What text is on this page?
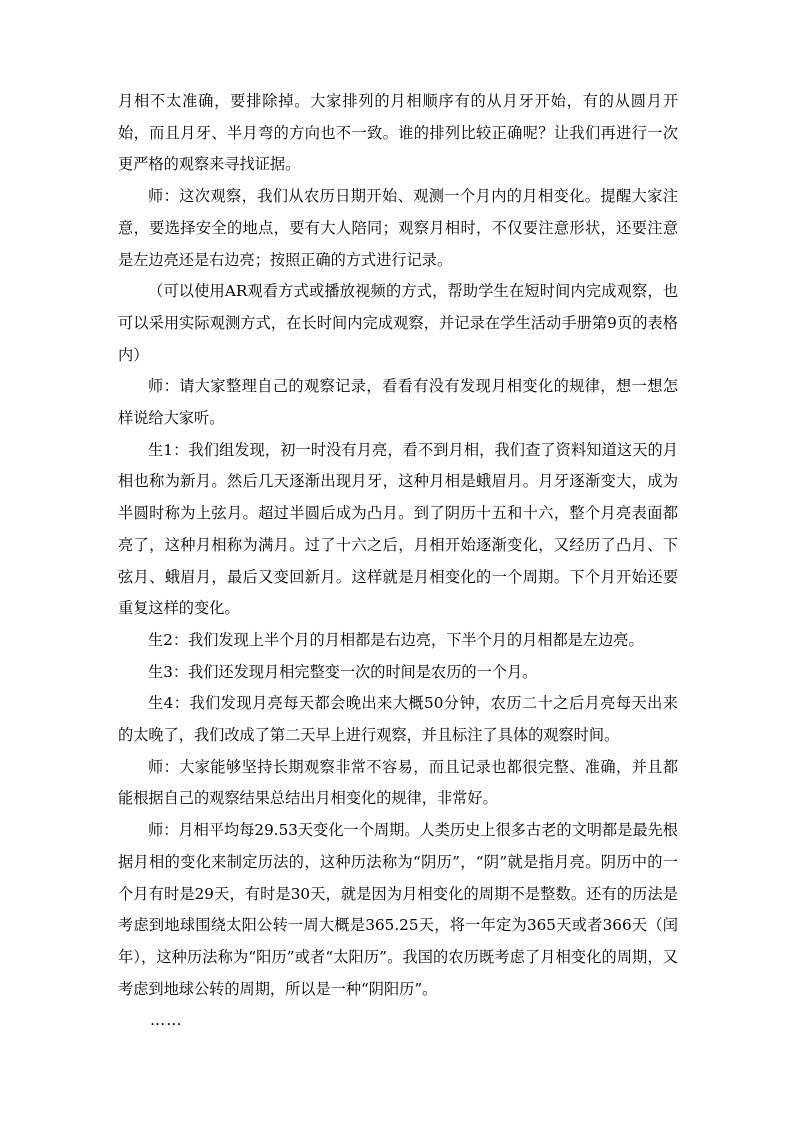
月相不太准确，要排除掉。大家排列的月相顺序有的从月牙开始，有的从圆月开始，而且月牙、半月弯的方向也不一致。谁的排列比较正确呢？让我们再进行一次更严格的观察来寻找证据。

师：这次观察，我们从农历日期开始、观测一个月内的月相变化。提醒大家注意，要选择安全的地点，要有大人陪同；观察月相时，不仅要注意形状，还要注意是左边亮还是右边亮；按照正确的方式进行记录。

（可以使用AR观看方式或播放视频的方式，帮助学生在短时间内完成观察，也可以采用实际观测方式，在长时间内完成观察，并记录在学生活动手册第9页的表格内）

师：请大家整理自己的观察记录，看看有没有发现月相变化的规律，想一想怎样说给大家听。

生1：我们组发现，初一时没有月亮，看不到月相，我们查了资料知道这天的月相也称为新月。然后几天逐渐出现月牙，这种月相是蛾眉月。月牙逐渐变大，成为半圆时称为上弦月。超过半圆后成为凸月。到了阴历十五和十六，整个月亮表面都亮了，这种月相称为满月。过了十六之后，月相开始逐渐变化，又经历了凸月、下弦月、蛾眉月，最后又变回新月。这样就是月相变化的一个周期。下个月开始还要重复这样的变化。

生2：我们发现上半个月的月相都是右边亮，下半个月的月相都是左边亮。

生3：我们还发现月相完整变一次的时间是农历的一个月。

生4：我们发现月亮每天都会晚出来大概50分钟，农历二十之后月亮每天出来的太晚了，我们改成了第二天早上进行观察，并且标注了具体的观察时间。

师：大家能够坚持长期观察非常不容易，而且记录也都很完整、准确，并且都能根据自己的观察结果总结出月相变化的规律，非常好。

师：月相平均每29.53天变化一个周期。人类历史上很多古老的文明都是最先根据月相的变化来制定历法的，这种历法称为“阴历”，“阴”就是指月亮。阴历中的一个月有时是29天，有时是30天，就是因为月相变化的周期不是整数。还有的历法是考虑到地球围绕太阳公转一周大概是365.25天，将一年定为365天或者366天（闰年），这种历法称为“阳历”或者“太阳历”。我国的农历既考虑了月相变化的周期，又考虑到地球公转的周期，所以是一种“阴阳历”。

……
